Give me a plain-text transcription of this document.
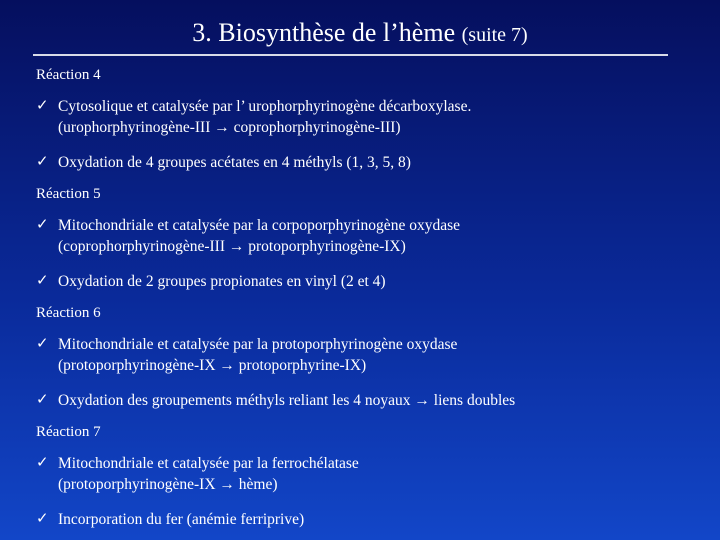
3. Biosynthèse de l’hème (suite 7)

Réaction 4

✓ Cytosolique et catalysée par l’ urophorphyrinogène décarboxylase.
(urophorphyrinogène-III → coprophorphyrinogène-III)
✓ Oxydation de 4 groupes acétates en 4 méthyls (1, 3, 5, 8)

Réaction 5

✓ Mitochondriale et catalysée par la corpoporphyrinogène oxydase
(coprophorphyrinogène-III → protoporphyrinogène-IX)
✓ Oxydation de 2 groupes propionates en vinyl (2 et 4)

Réaction 6

✓ Mitochondriale et catalysée par la protoporphyrinogène oxydase
(protoporphyrinogène-IX → protoporphyrine-IX)
✓ Oxydation des groupements méthyls reliant les 4 noyaux → liens doubles

Réaction 7

✓ Mitochondriale et catalysée par la ferrochélatase
(protoporphyrinogène-IX → hème)
✓ Incorporation du fer (anémie ferriprive)
